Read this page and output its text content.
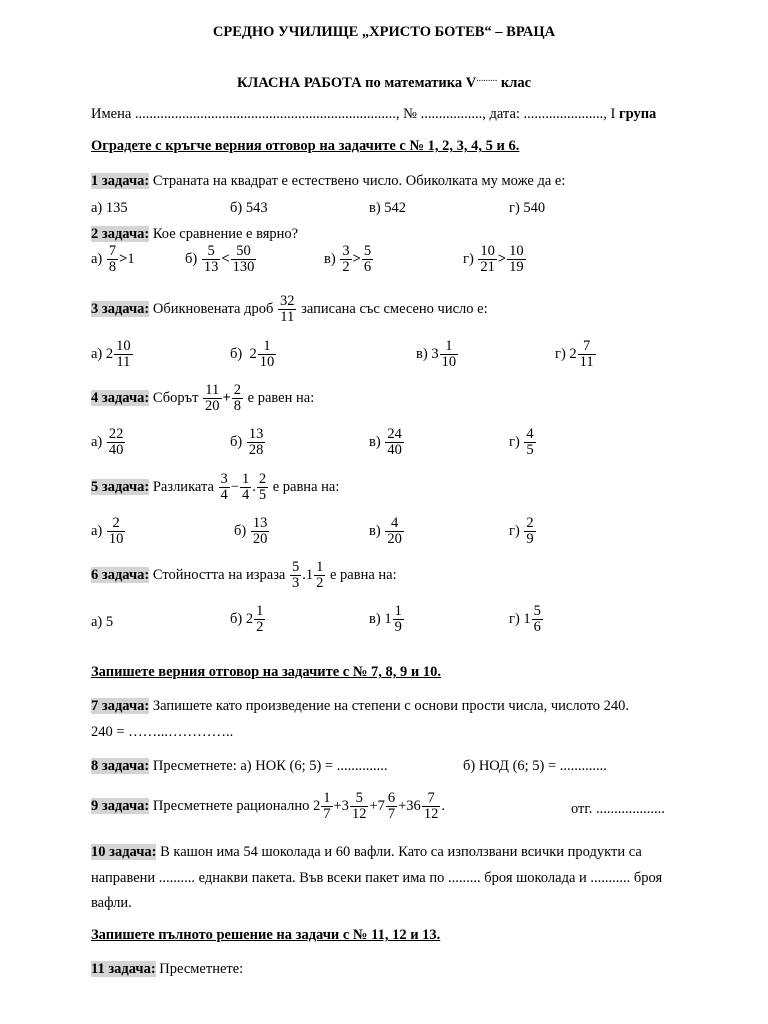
СРЕДНО УЧИЛИЩЕ „ХРИСТО БОТЕВ“ – ВРАЦА
КЛАСНА РАБОТА по математика V……… клас
Имена ........................................................................, № ................., дата: ......................, I група
Оградете с кръгче верния отговор на задачите с № 1, 2, 3, 4, 5 и 6.
1 задача: Страната на квадрат е естествено число. Обиколката му може да е:
а) 135	б) 543	в) 542	г) 540
2 задача: Кое сравнение е вярно?
$а) \frac{7}{8} >1$	$б) \frac{5}{13} < \frac{50}{130}$	$в) \frac{3}{2} > \frac{5}{6}$	$г) \frac{10}{21} > \frac{10}{19}$
3 задача: Обикновената дроб $\frac{32}{11}$ записана със смесено число е:
а) $2 \frac{10}{11}$	б) $2 \frac{1}{10}$	в) $3 \frac{1}{10}$	г) $2 \frac{7}{11}$
4 задача: Сборът $\frac{11}{20} + \frac{2}{8}$ е равен на:
$а) \frac{22}{40}$	$б) \frac{13}{28}$	$в) \frac{24}{40}$	$г) \frac{4}{5}$
5 задача: Разликата $\frac{3}{4} - \frac{1}{4}$ . $\frac{2}{5}$ е равна на:
$а) \frac{2}{10}$	$б) \frac{13}{20}$	$в) \frac{4}{20}$	$г) \frac{2}{9}$
6 задача: Стойността на израза $\frac{5}{3} .1 \frac{1}{2}$ е равна на:
а) 5	б) $2 \frac{1}{2}$	в) $1 \frac{1}{9}$	г) $1 \frac{5}{6}$
Запишете верния отговор на задачите с № 7, 8, 9 и 10.
7 задача: Запишете като произведение на степени с основи прости числа, числото 240.
240 = ……...…………..
8 задача: Пресметнете: а) НОК (6; 5) = ..............	б) НОД (6; 5) = .............
9 задача: Пресметнете рационално $2 \frac{1}{7} +3 \frac{5}{12} +7 \frac{6}{7} +36 \frac{7}{12}$ .	отг. ...................
10 задача: В кашон има 54 шоколада и 60 вафли. Като са използвани всички продукти са
направени .......... еднакви пакета. Във всеки пакет има по ......... броя шоколада и ........... броя
вафли.
Запишете пълното решение на задачи с № 11, 12 и 13.
11 задача: Пресметнете:
